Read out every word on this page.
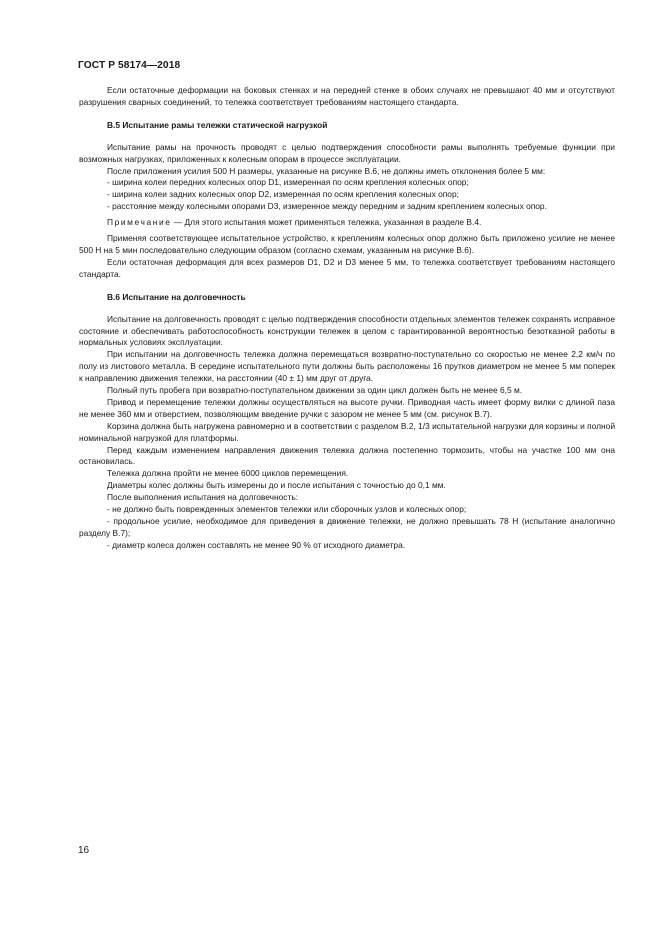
ГОСТ Р 58174—2018

Если остаточные деформации на боковых стенках и на передней стенке в обоих случаях не превышают 40 мм и отсутствуют разрушения сварных соединений, то тележка соответствует требованиям настоящего стандарта.

В.5 Испытание рамы тележки статической нагрузкой

Испытание рамы на прочность проводят с целью подтверждения способности рамы выполнять требуемые функции при возможных нагрузках, приложенных к колесным опорам в процессе эксплуатации.

После приложения усилия 500 Н размеры, указанные на рисунке В.6, не должны иметь отклонения более 5 мм:

- ширина колеи передних колесных опор D1, измеренная по осям крепления колесных опор;

- ширина колеи задних колесных опор D2, измеренная по осям крепления колесных опор;

- расстояние между колесными опорами D3, измеренное между передним и задним креплением колесных опор.

Примечание — Для этого испытания может применяться тележка, указанная в разделе В.4.

Применяя соответствующее испытательное устройство, к креплениям колесных опор должно быть приложено усилие не менее 500 Н на 5 мин последовательно следующим образом (согласно схемам, указанным на рисунке В.6).

Если остаточная деформация для всех размеров D1, D2 и D3 менее 5 мм, то тележка соответствует требованиям настоящего стандарта.

В.6 Испытание на долговечность

Испытание на долговечность проводят с целью подтверждения способности отдельных элементов тележек сохранять исправное состояние и обеспечивать работоспособность конструкции тележек в целом с гарантированной вероятностью безотказной работы в нормальных условиях эксплуатации.

При испытании на долговечность тележка должна перемещаться возвратно-поступательно со скоростью не менее 2,2 км/ч по полу из листового металла. В середине испытательного пути должны быть расположены 16 прутков диаметром не менее 5 мм поперек к направлению движения тележки, на расстоянии (40 ± 1) мм друг от друга.

Полный путь пробега при возвратно-поступательном движении за один цикл должен быть не менее 6,5 м.

Привод и перемещение тележки должны осуществляться на высоте ручки. Приводная часть имеет форму вилки с длиной паза не менее 360 мм и отверстием, позволяющим введение ручки с зазором не менее 5 мм (см. рисунок В.7).

Корзина должна быть нагружена равномерно и в соответствии с разделом В.2, 1/3 испытательной нагрузки для корзины и полной номинальной нагрузкой для платформы.

Перед каждым изменением направления движения тележка должна постепенно тормозить, чтобы на участке 100 мм она остановилась.

Тележка должна пройти не менее 6000 циклов перемещения.

Диаметры колес должны быть измерены до и после испытания с точностью до 0,1 мм.

После выполнения испытания на долговечность:

- не должно быть поврежденных элементов тележки или сборочных узлов и колесных опор;

- продольное усилие, необходимое для приведения в движение тележки, не должно превышать 78 Н (испытание аналогично разделу В.7);

- диаметр колеса должен составлять не менее 90 % от исходного диаметра.

16
